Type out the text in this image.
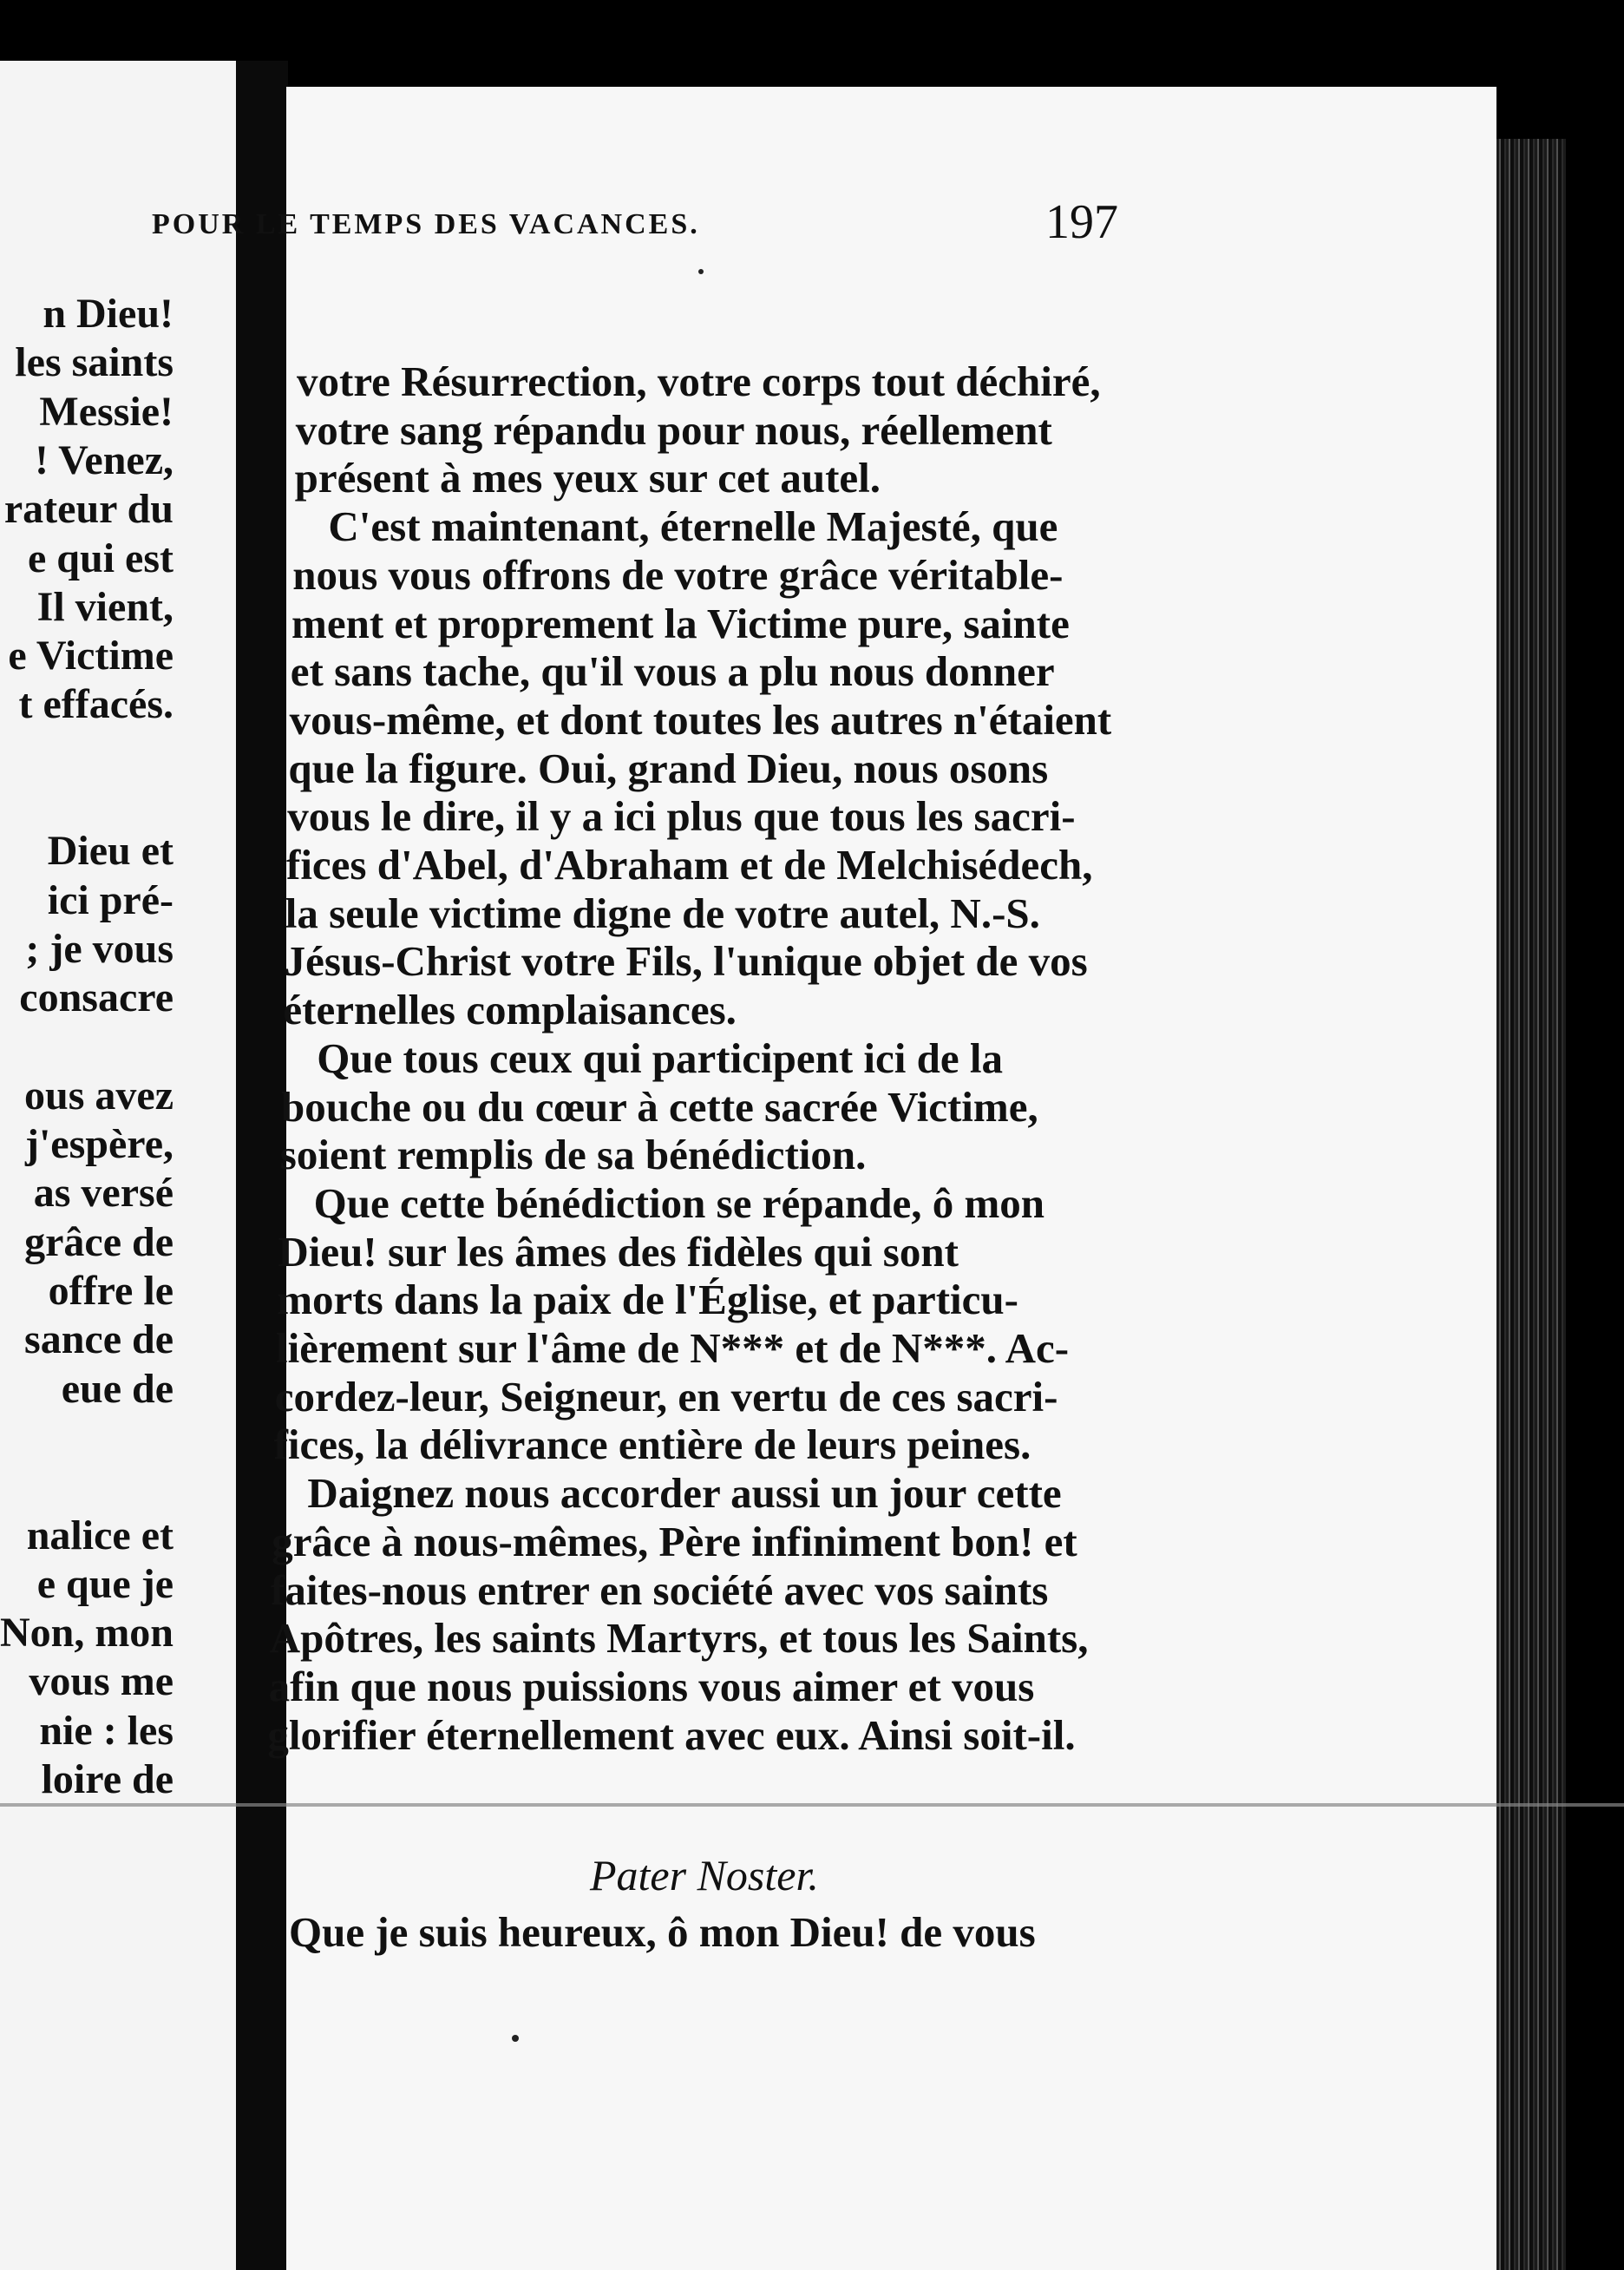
n Dieu!
les saints
Messie!
! Venez,
rateur du
e qui est
Il vient,
e Victime
t effacés.
Dieu et
ici pré-
; je vous
consacre
ous avez
j'espère,
as versé
grâce de
offre le
sance de
eue de
nalice et
e que je
Non, mon
vous me
nie : les
loire de
POUR LE TEMPS DES VACANCES.	197
votre Résurrection, votre corps tout déchiré,
votre sang répandu pour nous, réellement
présent à mes yeux sur cet autel.
C'est maintenant, éternelle Majesté, que
nous vous offrons de votre grâce véritable-
ment et proprement la Victime pure, sainte
et sans tache, qu'il vous a plu nous donner
vous-même, et dont toutes les autres n'étaient
que la figure. Oui, grand Dieu, nous osons
vous le dire, il y a ici plus que tous les sacri-
fices d'Abel, d'Abraham et de Melchisédech,
la seule victime digne de votre autel, N.-S.
Jésus-Christ votre Fils, l'unique objet de vos
éternelles complaisances.
Que tous ceux qui participent ici de la
bouche ou du cœur à cette sacrée Victime,
soient remplis de sa bénédiction.
Que cette bénédiction se répande, ô mon
Dieu! sur les âmes des fidèles qui sont
morts dans la paix de l'Église, et particu-
lièrement sur l'âme de N*** et de N***. Ac-
cordez-leur, Seigneur, en vertu de ces sacri-
fices, la délivrance entière de leurs peines.
Daignez nous accorder aussi un jour cette
grâce à nous-mêmes, Père infiniment bon! et
faites-nous entrer en société avec vos saints
Apôtres, les saints Martyrs, et tous les Saints,
afin que nous puissions vous aimer et vous
glorifier éternellement avec eux. Ainsi soit-il.
Pater Noster.
Que je suis heureux, ô mon Dieu! de vous
